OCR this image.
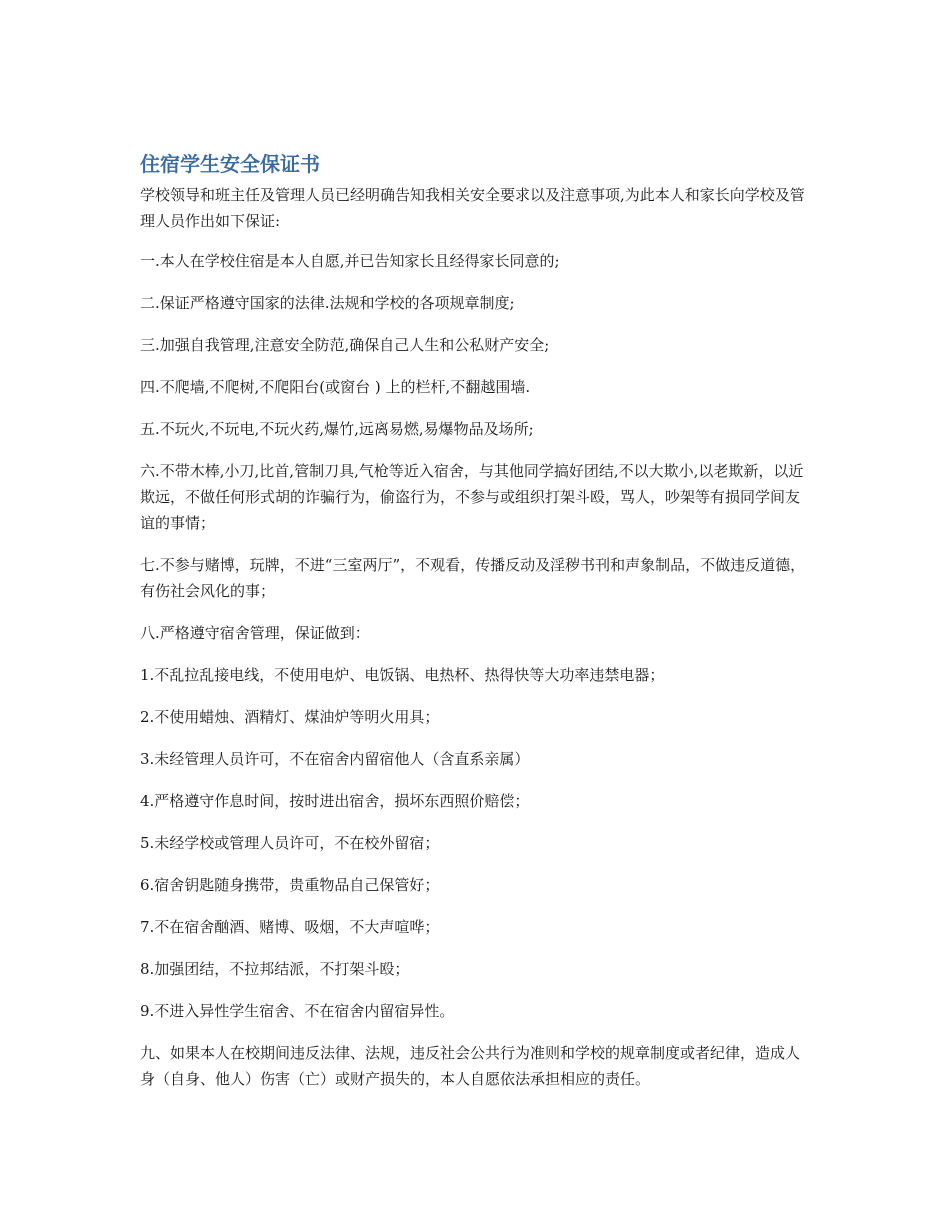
住宿学生安全保证书

学校领导和班主任及管理人员已经明确告知我相关安全要求以及注意事项,为此本人和家长向学校及管理人员作出如下保证:

一.本人在学校住宿是本人自愿,并已告知家长且经得家长同意的;

二.保证严格遵守国家的法律.法规和学校的各项规章制度;

三.加强自我管理,注意安全防范,确保自己人生和公私财产安全;

四.不爬墙,不爬树,不爬阳台(或窗台 ) 上的栏杆,不翻越围墙.

五.不玩火,不玩电,不玩火药,爆竹,远离易燃,易爆物品及场所;

六.不带木棒,小刀,比首,管制刀具,气枪等近入宿舍，与其他同学搞好团结,不以大欺小,以老欺新，以近欺远，不做任何形式胡的诈骗行为，偷盗行为，不参与或组织打架斗殴，骂人，吵架等有损同学间友谊的事情；

七.不参与赌博，玩牌，不进“三室两厅”，不观看，传播反动及淫秽书刊和声象制品，不做违反道德，有伤社会风化的事；

八.严格遵守宿舍管理，保证做到：

1.不乱拉乱接电线，不使用电炉、电饭锅、电热杯、热得快等大功率违禁电器；

2.不使用蜡烛、酒精灯、煤油炉等明火用具；

3.未经管理人员许可，不在宿舍内留宿他人（含直系亲属）

4.严格遵守作息时间，按时进出宿舍，损坏东西照价赔偿；

5.未经学校或管理人员许可，不在校外留宿；

6.宿舍钥匙随身携带，贵重物品自己保管好；

7.不在宿舍酗酒、赌博、吸烟，不大声喧哗；

8.加强团结，不拉邦结派，不打架斗殴；

9.不进入异性学生宿舍、不在宿舍内留宿异性。

九、如果本人在校期间违反法律、法规，违反社会公共行为准则和学校的规章制度或者纪律，造成人身（自身、他人）伤害（亡）或财产损失的，本人自愿依法承担相应的责任。
